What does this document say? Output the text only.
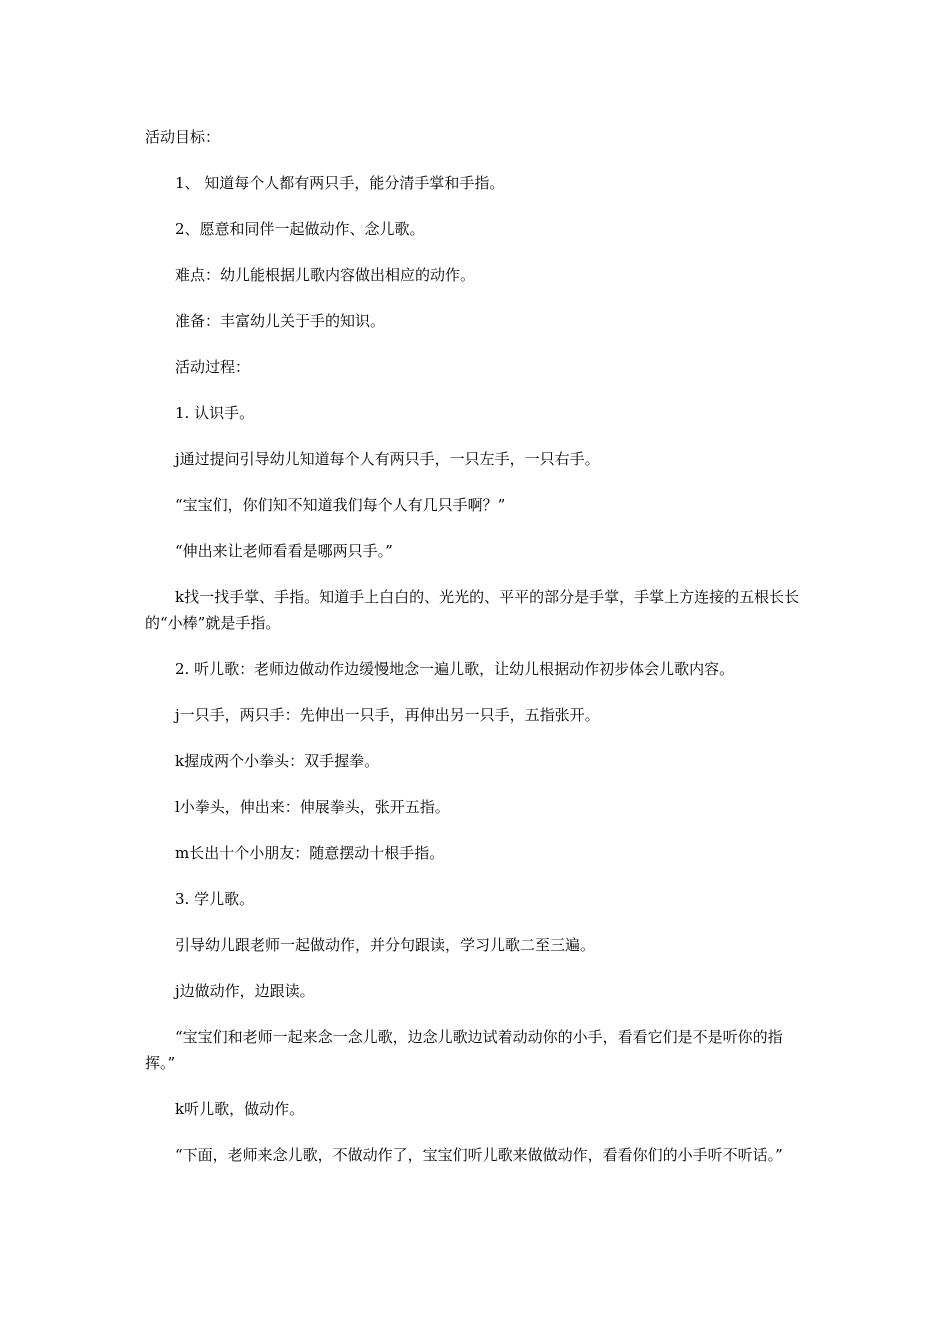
活动目标：

1、 知道每个人都有两只手，能分清手掌和手指。

2、愿意和同伴一起做动作、念儿歌。

难点：幼儿能根据儿歌内容做出相应的动作。

准备：丰富幼儿关于手的知识。

活动过程：

1. 认识手。

j通过提问引导幼儿知道每个人有两只手，一只左手，一只右手。

“宝宝们，你们知不知道我们每个人有几只手啊？”

“伸出来让老师看看是哪两只手。”

k找一找手掌、手指。知道手上白白的、光光的、平平的部分是手掌，手掌上方连接的五根长长的“小棒”就是手指。

2. 听儿歌：老师边做动作边缓慢地念一遍儿歌，让幼儿根据动作初步体会儿歌内容。

j一只手，两只手：先伸出一只手，再伸出另一只手，五指张开。

k握成两个小拳头：双手握拳。

l小拳头，伸出来：伸展拳头，张开五指。

m长出十个小朋友：随意摆动十根手指。

3. 学儿歌。

引导幼儿跟老师一起做动作，并分句跟读，学习儿歌二至三遍。

j边做动作，边跟读。

“宝宝们和老师一起来念一念儿歌，边念儿歌边试着动动你的小手，看看它们是不是听你的指挥。”

k听儿歌，做动作。

“下面，老师来念儿歌，不做动作了，宝宝们听儿歌来做做动作，看看你们的小手听不听话。”
